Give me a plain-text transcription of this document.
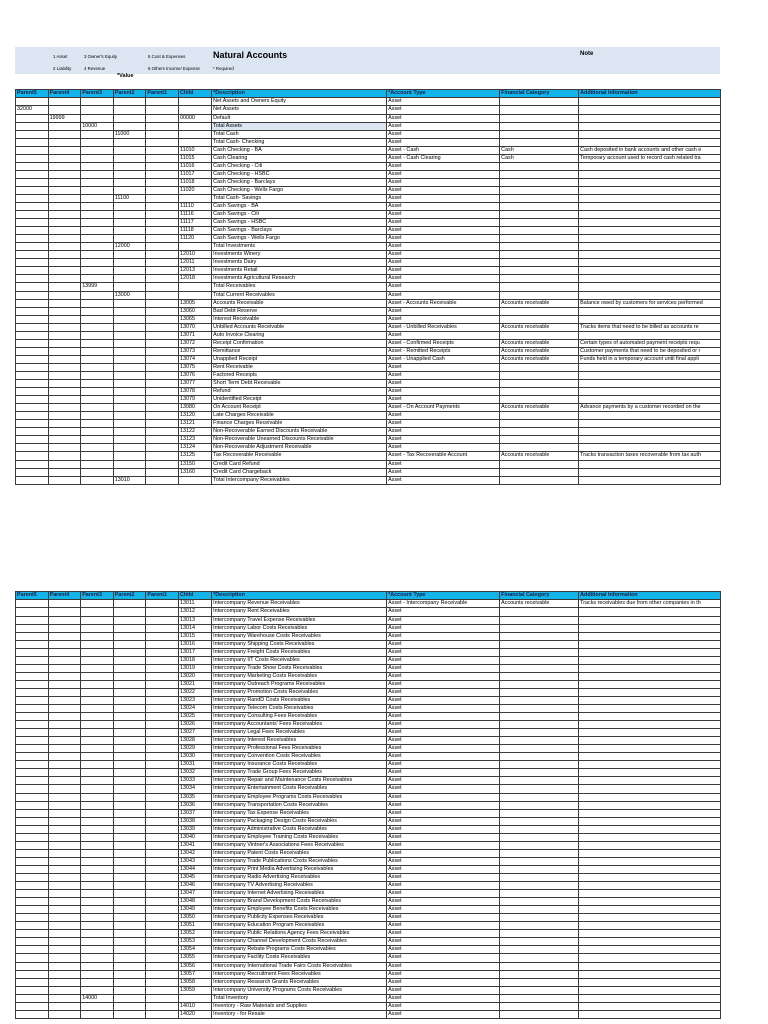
1 Asset
2 Liability
3 Owner's Equity
4 Revenue
5 Cost & Expenses
6 Others Income/ Expense	* Required
Natural Accounts	Note
*Value
Parent5	Parent4	Parent3	Parent2	Parent1	Child	*Description	*Account Type	Financial Category	Additional Information
						Net Assets and Owners Equity	Asset		
32000						Net Assets	Asset		
	19999				00000	Default	Asset		
		10000				Total Assets	Asset		
			11000			Total Cash	Asset		
						Total Cash- Checking	Asset		
					11010	Cash Checking - BA	Asset - Cash	Cash	Cash deposited in bank accounts and other cash e
					11015	Cash Clearing	Asset - Cash Clearing	Cash	Temporary account used to record cash related tra
					11016	Cash Checking - Citi	Asset		
					11017	Cash Checking - HSBC	Asset		
					11018	Cash Checking - Barclays	Asset		
					11020	Cash Checking - Wells Fargo	Asset		
			11100			Total Cash- Savings	Asset		
					11110	Cash Savings - BA	Asset		
					11116	Cash Savings - Citi	Asset		
					11117	Cash Savings - HSBC	Asset		
					11118	Cash Savings - Barclays	Asset		
					11120	Cash Savings - Wells Fargo	Asset		
			12000			Total Investments	Asset		
					12010	Investments Winery	Asset		
					12011	Investments Dairy	Asset		
					12013	Investments Retail	Asset		
					12018	Investments Agricultural Research	Asset		
		13999				Total Receivables	Asset		
			13000			Total Current Receivables	Asset		
					13005	Accounts Receivable	Asset - Accounts Receivable	Accounts receivable	Balance owed by customers for services performed
					13060	Bad Debt Reserve	Asset		
					13065	Interest Receivable	Asset		
					13070	Unbilled Accounts Receivable	Asset - Unbilled Receivables	Accounts receivable	Tracks items that need to be billed as accounts re
					13071	Auto Invoice Clearing	Asset		
					13072	Receipt Confirmation	Asset - Confirmed Receipts	Accounts receivable	Certain types of automated payment receipts requ
					13073	Remittance	Asset - Remitted Receipts	Accounts receivable	Customer payments that need to be deposited or r
					13074	Unapplied Receipt	Asset - Unapplied Cash	Accounts receivable	Funds held in a temporary account until final appli
					13075	Rent Receivable	Asset		
					13076	Factored Receipts	Asset		
					13077	Short Term Debt Receivable	Asset		
					13078	Refund	Asset		
					13079	Unidentified Receipt	Asset		
					13080	On Account Receipt	Asset - On Account Payments	Accounts receivable	Advance payments by a customer recorded on the
					13120	Late Charges Receivable	Asset		
					13121	Finance Charges Receivable	Asset		
					13122	Non-Recoverable Earned Discounts Receivable	Asset		
					13123	Non-Recoverable Unearned Discounts Receivable	Asset		
					13124	Non-Recoverable Adjustment Receivable	Asset		
					13125	Tax Recoverable Receivable	Asset - Tax Recoverable Account	Accounts receivable	Tracks transaction taxes recoverable from tax auth
					13150	Credit Card Refund	Asset		
					13160	Credit Card Chargeback	Asset		
			13010			Total Intercompany Receivables	Asset		
Parent5	Parent4	Parent3	Parent2	Parent1	Child	*Description	*Account Type	Financial Category	Additional Information
					13011	Intercompany Revenue Receivables	Asset - Intercompany Receivable	Accounts receivable	Tracks receivables due from other companies in th
					13012	Intercompany Rent Receivables	Asset		
					13013	Intercompany Travel Expense Receivables	Asset		
					13014	Intercompany Labor Costs Receivables	Asset		
					13015	Intercompany Warehouse Costs Receivables	Asset		
					13016	Intercompany Shipping Costs Receivables	Asset		
					13017	Intercompany Freight Costs Receivables	Asset		
					13018	Intercompany I/T Costs Receivables	Asset		
					13019	Intercompany Trade Show Costs Receivables	Asset		
					13020	Intercompany Marketing Costs Receivables	Asset		
					13021	Intercompany Outreach Programs Receivables	Asset		
					13022	Intercompany Promotion Costs Receivables	Asset		
					13023	Intercompany RandD Costs Receivables	Asset		
					13024	Intercompany Telecom Costs Receivables	Asset		
					13025	Intercompany Consulting Fees Receivables	Asset		
					13026	Intercompany Accountants' Fees Receivables	Asset		
					13027	Intercompany Legal Fees Receivables	Asset		
					13028	Intercompany Interest Receivables	Asset		
					13029	Intercompany Professional Fees Receivables	Asset		
					13030	Intercompany Convention Costs Receivables	Asset		
					13031	Intercompany Insurance Costs Receivables	Asset		
					13032	Intercompany Trade Group Fees Receivables	Asset		
					13033	Intercompany Repair and Maintenance Costs Receivables	Asset		
					13034	Intercompany Entertainment Costs Receivables	Asset		
					13035	Intercompany Employee Programs Costs Receivables	Asset		
					13036	Intercompany Transportation Costs Receivables	Asset		
					13037	Intercompany Tax Expense Receivables	Asset		
					13038	Intercompany Packaging Design Costs Receivables	Asset		
					13039	Intercompany Administrative Costs Receivables	Asset		
					13040	Intercompany Employee Training Costs Receivables	Asset		
					13041	Intercompany Vintner's Associations Fees Receivables	Asset		
					13042	Intercompany Patent Costs Receivables	Asset		
					13043	Intercompany Trade Publications Costs Receivables	Asset		
					13044	Intercompany Print Media Advertising Receivables	Asset		
					13045	Intercompany Radio Advertising Receivables	Asset		
					13046	Intercompany TV Advertising Receivables	Asset		
					13047	Intercompany Internet Advertising Receivables	Asset		
					13048	Intercompany Brand Development Costs Receivables	Asset		
					13049	Intercompany Employee Benefits Costs Receivables	Asset		
					13050	Intercompany Publicity Expenses Receivables	Asset		
					13051	Intercompany Education Program Receivables	Asset		
					13052	Intercompany Public Relations Agency Fees Receivables	Asset		
					13053	Intercompany Channel Development Costs Receivables	Asset		
					13054	Intercompany Rebate Programs Costs Receivables	Asset		
					13055	Intercompany Facility Costs Receivables	Asset		
					13056	Intercompany International Trade Fairs Costs Receivables	Asset		
					13057	Intercompany Recruitment Fees Receivables	Asset		
					13058	Intercompany Research Grants Receivables	Asset		
					13059	Intercompany University Programs Costs Receivables	Asset		
		14000				Total Inventory	Asset		
					14010	Inventory - Raw Materials and Supplies	Asset		
					14020	Inventory - for Resale	Asset		
